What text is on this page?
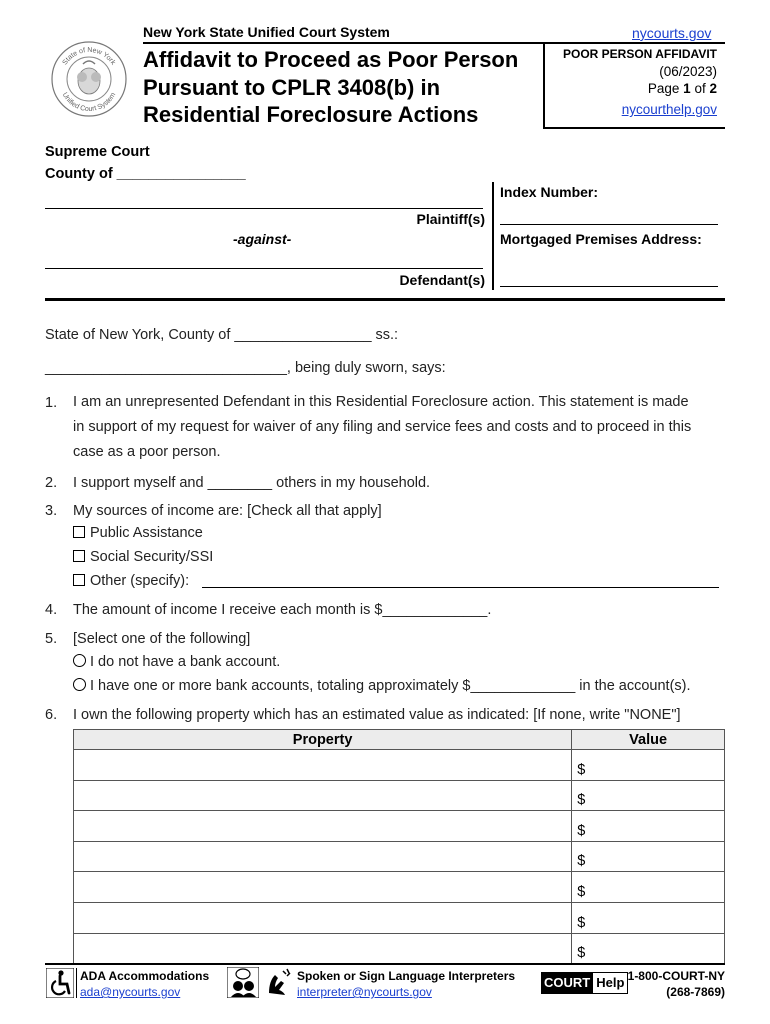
State of New York
Unified Court System
New York State Unified Court System	nycourts.gov
Affidavit to Proceed as Poor Person
Pursuant to CPLR 3408(b) in
Residential Foreclosure Actions
POOR PERSON AFFIDAVIT
(06/2023)
Page 1 of 2
nycourthelp.gov
Supreme Court
County of ________________
Plaintiff(s)
-against-
Defendant(s)
Index Number:
Mortgaged Premises Address:
State of New York, County of _________________ ss.:
______________________________, being duly sworn, says:
1. I am an unrepresented Defendant in this Residential Foreclosure action. This statement is made
in support of my request for waiver of any filing and service fees and costs and to proceed in this
case as a poor person.
2. I support myself and ________ others in my household.
3. My sources of income are: [Check all that apply]
Public Assistance
Social Security/SSI
Other (specify):
4. The amount of income I receive each month is $_____________.
5. [Select one of the following]
I do not have a bank account.
I have one or more bank accounts, totaling approximately $_____________ in the account(s).
6. I own the following property which has an estimated value as indicated: [If none, write "NONE"]
Property	Value
	$
	$
	$
	$
	$
	$
	$
ADA Accommodations
ada@nycourts.gov
Spoken or Sign Language Interpreters
interpreter@nycourts.gov
COURT Help 1-800-COURT-NY
(268-7869)
